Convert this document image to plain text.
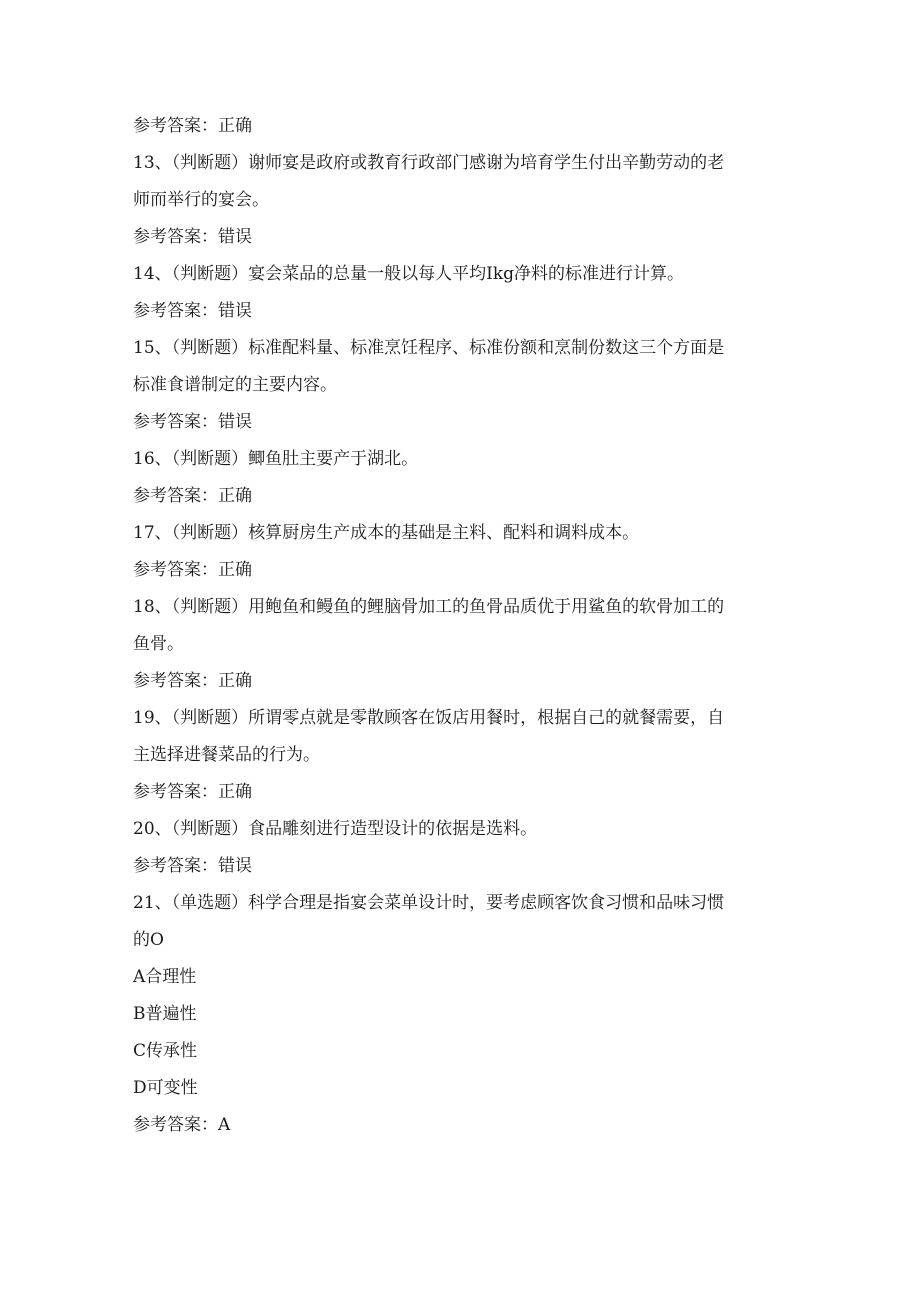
参考答案：正确
13、（判断题）谢师宴是政府或教育行政部门感谢为培育学生付出辛勤劳动的老
师而举行的宴会。
参考答案：错误
14、（判断题）宴会菜品的总量一般以每人平均Ikg净料的标准进行计算。
参考答案：错误
15、（判断题）标准配料量、标准烹饪程序、标准份额和烹制份数这三个方面是
标准食谱制定的主要内容。
参考答案：错误
16、（判断题）鲫鱼肚主要产于湖北。
参考答案：正确
17、（判断题）核算厨房生产成本的基础是主料、配料和调料成本。
参考答案：正确
18、（判断题）用鲍鱼和鳗鱼的鲤脑骨加工的鱼骨品质优于用鲨鱼的软骨加工的
鱼骨。
参考答案：正确
19、（判断题）所谓零点就是零散顾客在饭店用餐时，根据自己的就餐需要，自
主选择进餐菜品的行为。
参考答案：正确
20、（判断题）食品雕刻进行造型设计的依据是选料。
参考答案：错误
21、（单选题）科学合理是指宴会菜单设计时，要考虑顾客饮食习惯和品味习惯
的O
A合理性
B普遍性
C传承性
D可变性
参考答案：A
